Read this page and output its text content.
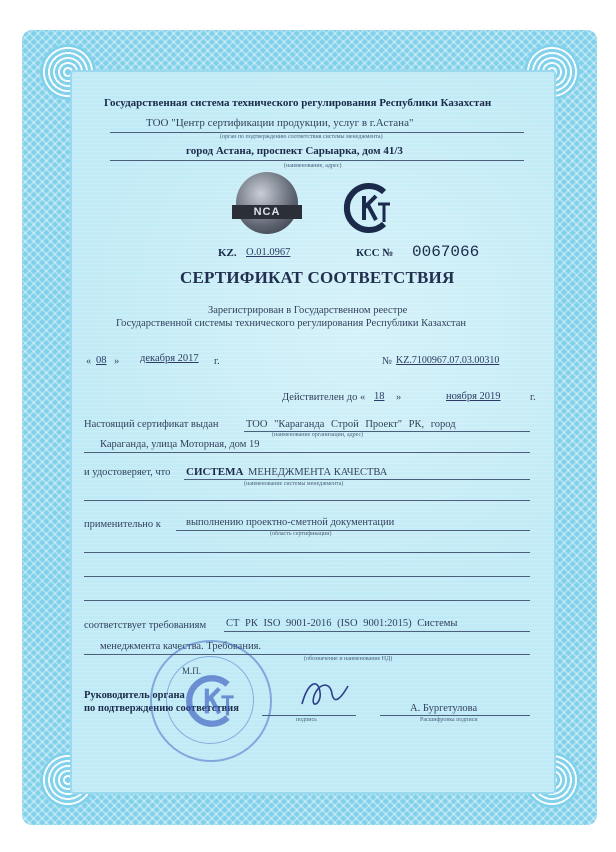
Государственная система технического регулирования Республики Казахстан
ТОО "Центр сертификации продукции, услуг в г.Астана"
(орган по подтверждению соответствия системы менеджмента)
город Астана, проспект Сарыарка, дом 41/3
(наименование, адрес)
NCA
KZ. O.01.0967	КСС № 0067066
СЕРТИФИКАТ СООТВЕТСТВИЯ
Зарегистрирован в Государственном реестре
Государственной системы технического регулирования Республики Казахстан
« 08 » декабря 2017 г.	№ KZ.7100967.07.03.00310
Действителен до « 18 »	ноября 2019	г.
Настоящий сертификат выдан	ТОО "Караганда Строй Проект" РК, город
(наименование организации, адрес)
Караганда, улица Моторная, дом 19
и удостоверяет, что СИСТЕМА МЕНЕДЖМЕНТА КАЧЕСТВА
(наименование системы менеджмента)
применительно к выполнению проектно-сметной документации
(область сертификации)
соответствует требованиям СТ РК ISO 9001-2016 (ISO 9001:2015) Системы
менеджмента качества. Требования.
(обозначение и наименование НД)
М.П.
Руководитель органа
по подтверждению соответствия
подпись
А. Бургетулова
Расшифровка подписи
